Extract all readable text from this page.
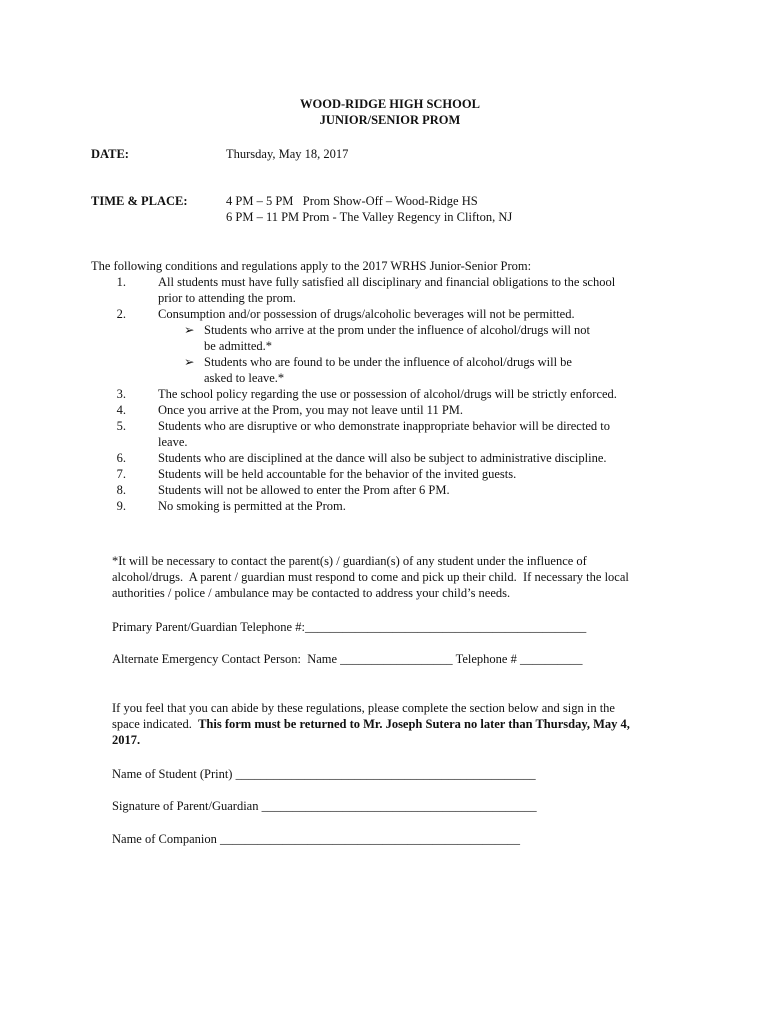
WOOD-RIDGE HIGH SCHOOL
JUNIOR/SENIOR PROM
DATE:	Thursday, May 18, 2017
TIME & PLACE:	4 PM – 5 PM   Prom Show-Off – Wood-Ridge HS
6 PM – 11 PM Prom - The Valley Regency in Clifton, NJ
The following conditions and regulations apply to the 2017 WRHS Junior-Senior Prom:
1.	All students must have fully satisfied all disciplinary and financial obligations to the school
prior to attending the prom.
2.	Consumption and/or possession of drugs/alcoholic beverages will not be permitted.
➢ Students who arrive at the prom under the influence of alcohol/drugs will not
be admitted.*
➢ Students who are found to be under the influence of alcohol/drugs will be
asked to leave.*
3.	The school policy regarding the use or possession of alcohol/drugs will be strictly enforced.
4.	Once you arrive at the Prom, you may not leave until 11 PM.
5.	Students who are disruptive or who demonstrate inappropriate behavior will be directed to
leave.
6.	Students who are disciplined at the dance will also be subject to administrative discipline.
7.	Students will be held accountable for the behavior of the invited guests.
8.	Students will not be allowed to enter the Prom after 6 PM.
9.	No smoking is permitted at the Prom.
*It will be necessary to contact the parent(s) / guardian(s) of any student under the influence of
alcohol/drugs.  A parent / guardian must respond to come and pick up their child.  If necessary the local
authorities / police / ambulance may be contacted to address your child’s needs.
Primary Parent/Guardian Telephone #:_____________________________________________
Alternate Emergency Contact Person:  Name __________________ Telephone # __________
If you feel that you can abide by these regulations, please complete the section below and sign in the
space indicated.  This form must be returned to Mr. Joseph Sutera no later than Thursday, May 4,
2017.
Name of Student (Print) ________________________________________________
Signature of Parent/Guardian ____________________________________________
Name of Companion ________________________________________________
